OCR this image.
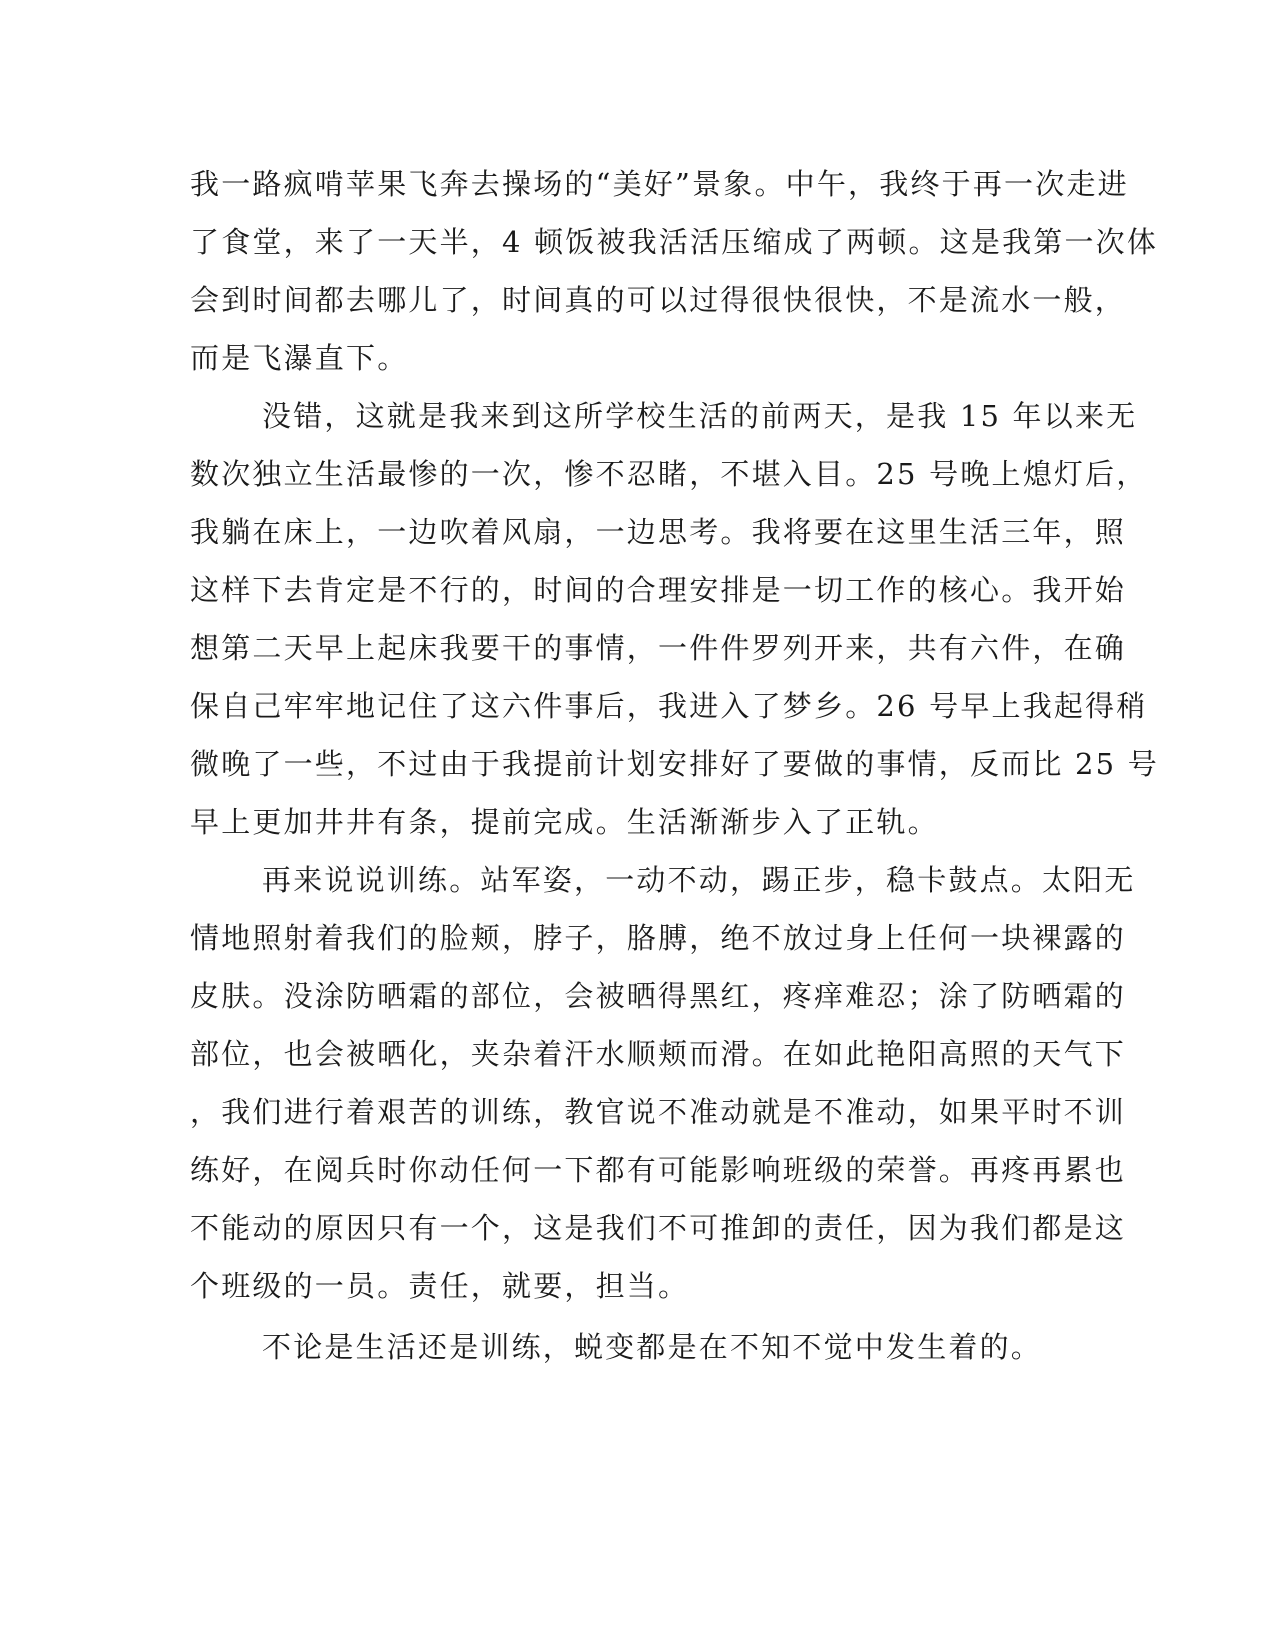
我一路疯啃苹果飞奔去操场的“美好”景象。中午，我终于再一次走进
了食堂，来了一天半，4 顿饭被我活活压缩成了两顿。这是我第一次体
会到时间都去哪儿了，时间真的可以过得很快很快，不是流水一般，
而是飞瀑直下。
没错，这就是我来到这所学校生活的前两天，是我 15 年以来无
数次独立生活最惨的一次，惨不忍睹，不堪入目。25 号晚上熄灯后，
我躺在床上，一边吹着风扇，一边思考。我将要在这里生活三年，照
这样下去肯定是不行的，时间的合理安排是一切工作的核心。我开始
想第二天早上起床我要干的事情，一件件罗列开来，共有六件，在确
保自己牢牢地记住了这六件事后，我进入了梦乡。26 号早上我起得稍
微晚了一些，不过由于我提前计划安排好了要做的事情，反而比 25 号
早上更加井井有条，提前完成。生活渐渐步入了正轨。
再来说说训练。站军姿，一动不动，踢正步，稳卡鼓点。太阳无
情地照射着我们的脸颊，脖子，胳膊，绝不放过身上任何一块裸露的
皮肤。没涂防晒霜的部位，会被晒得黑红，疼痒难忍；涂了防晒霜的
部位，也会被晒化，夹杂着汗水顺颊而滑。在如此艳阳高照的天气下
，我们进行着艰苦的训练，教官说不准动就是不准动，如果平时不训
练好，在阅兵时你动任何一下都有可能影响班级的荣誉。再疼再累也
不能动的原因只有一个，这是我们不可推卸的责任，因为我们都是这
个班级的一员。责任，就要，担当。
不论是生活还是训练，蜕变都是在不知不觉中发生着的。
